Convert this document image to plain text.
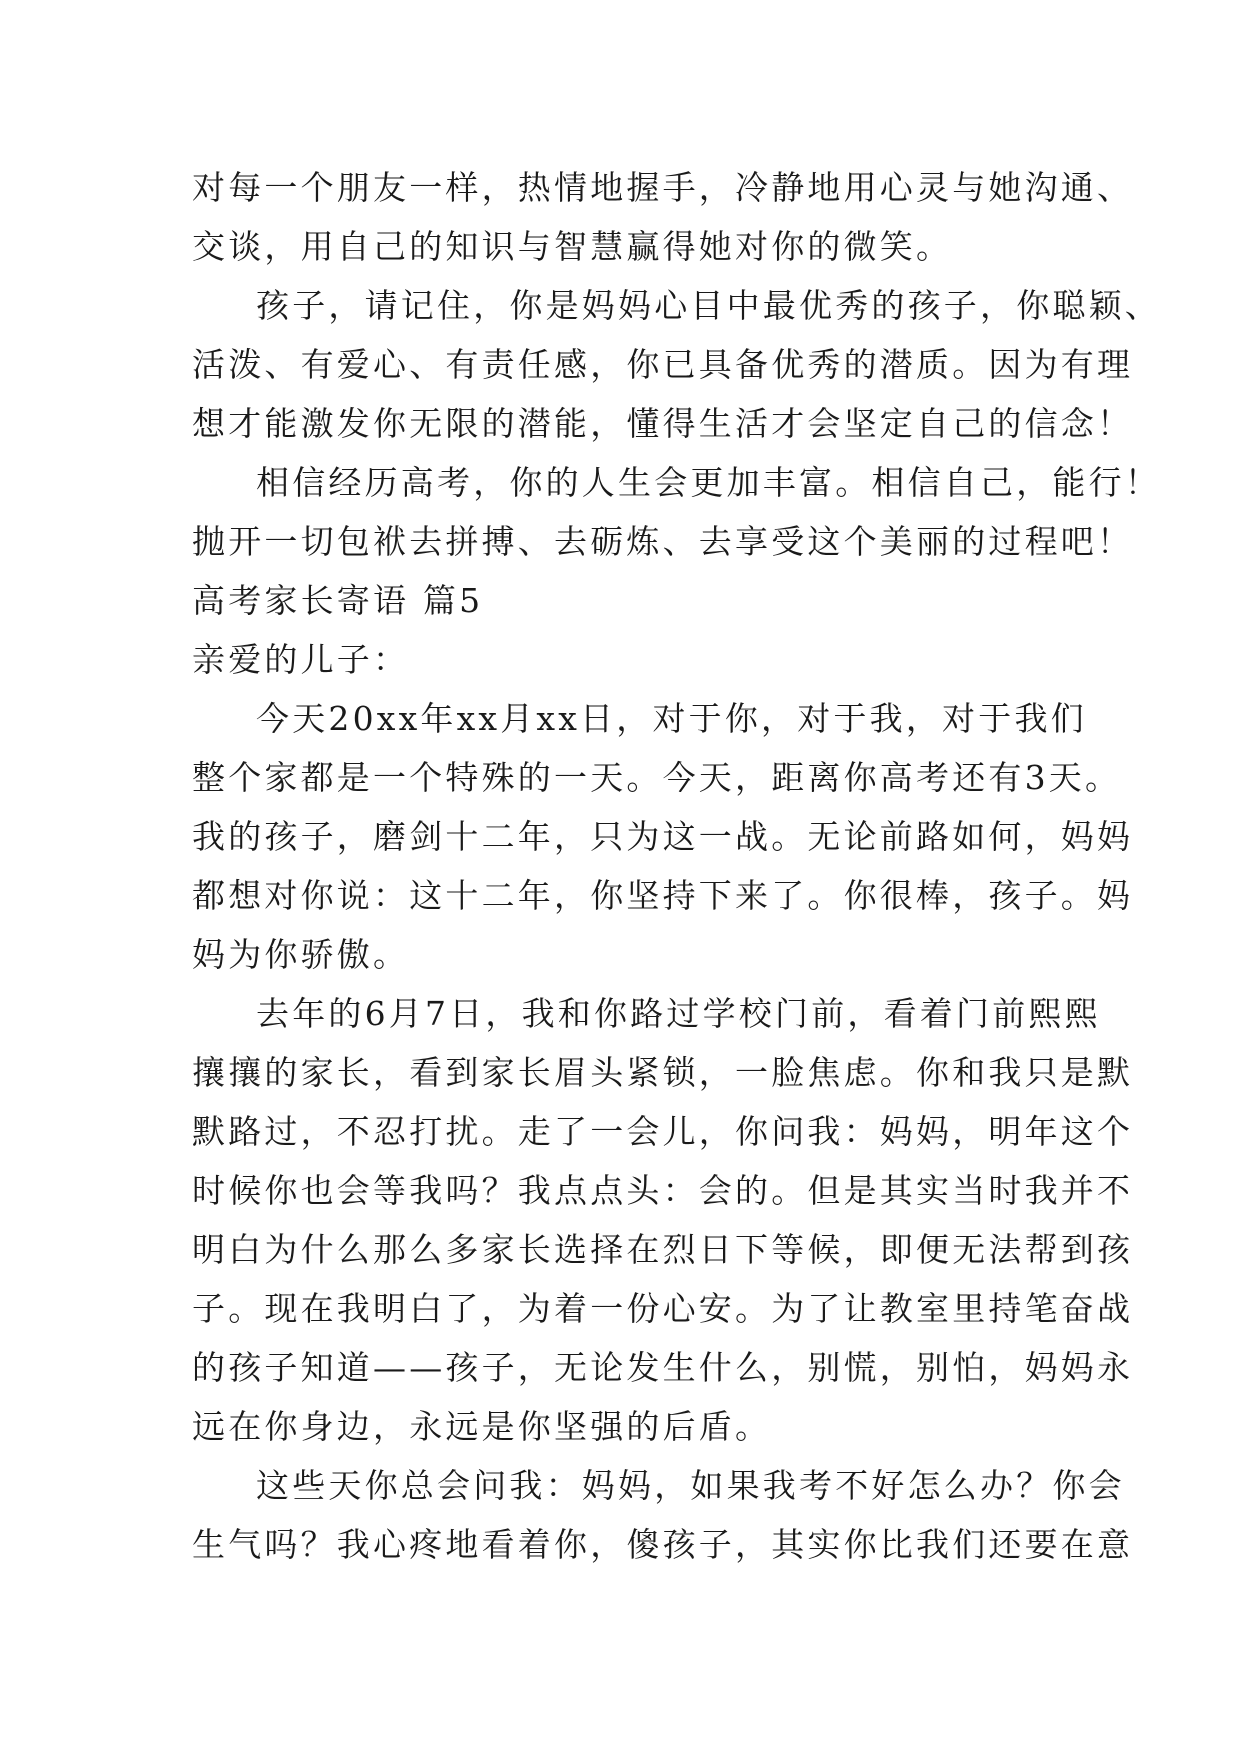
对每一个朋友一样，热情地握手，冷静地用心灵与她沟通、
交谈，用自己的知识与智慧赢得她对你的微笑。
孩子，请记住，你是妈妈心目中最优秀的孩子，你聪颖、
活泼、有爱心、有责任感，你已具备优秀的潜质。因为有理
想才能激发你无限的潜能，懂得生活才会坚定自己的信念！
相信经历高考，你的人生会更加丰富。相信自己，能行！
抛开一切包袱去拼搏、去砺炼、去享受这个美丽的过程吧！
高考家长寄语 篇5
亲爱的儿子：
今天20xx年xx月xx日，对于你，对于我，对于我们
整个家都是一个特殊的一天。今天，距离你高考还有3天。
我的孩子，磨剑十二年，只为这一战。无论前路如何，妈妈
都想对你说：这十二年，你坚持下来了。你很棒，孩子。妈
妈为你骄傲。
去年的6月7日，我和你路过学校门前，看着门前熙熙
攘攘的家长，看到家长眉头紧锁，一脸焦虑。你和我只是默
默路过，不忍打扰。走了一会儿，你问我：妈妈，明年这个
时候你也会等我吗？我点点头：会的。但是其实当时我并不
明白为什么那么多家长选择在烈日下等候，即便无法帮到孩
子。现在我明白了，为着一份心安。为了让教室里持笔奋战
的孩子知道——孩子，无论发生什么，别慌，别怕，妈妈永
远在你身边，永远是你坚强的后盾。
这些天你总会问我：妈妈，如果我考不好怎么办？你会
生气吗？我心疼地看着你，傻孩子，其实你比我们还要在意
